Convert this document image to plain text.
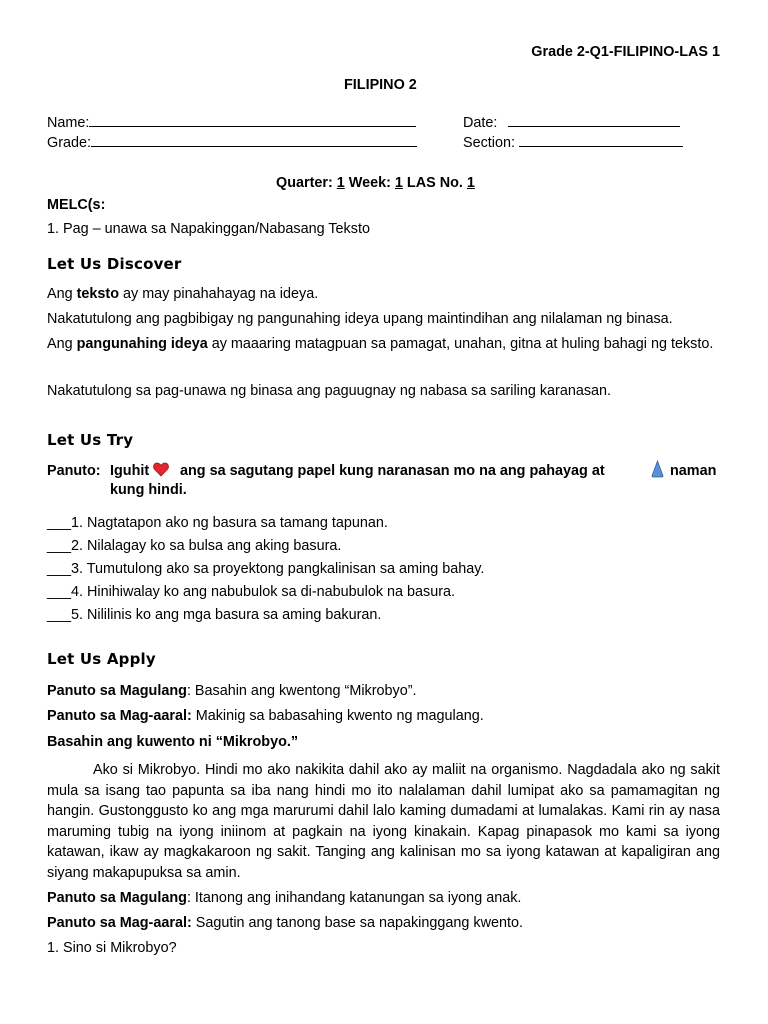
Grade 2-Q1-FILIPINO-LAS 1
FILIPINO 2
Name:	Date:
Grade:	Section:
Quarter: 1 Week: 1 LAS No. 1
MELC(s:
1. Pag – unawa sa Napakinggan/Nabasang Teksto
Let Us Discover
Ang teksto ay may pinahahayag na ideya.
Nakatutulong ang pagbibigay ng pangunahing ideya upang maintindihan ang nilalaman ng binasa.
Ang pangunahing ideya ay maaaring matagpuan sa pamagat, unahan, gitna at huling bahagi ng teksto.
Nakatutulong sa pag-unawa ng binasa ang paguugnay ng nabasa sa sariling karanasan.
Let Us Try
Panuto: Iguhit ang sa sagutang papel kung naranasan mo na ang pahayag at	naman
kung hindi.
___1. Nagtatapon ako ng basura sa tamang tapunan.
___2. Nilalagay ko sa bulsa ang aking basura.
___3. Tumutulong ako sa proyektong pangkalinisan sa aming bahay.
___4. Hinihiwalay ko ang nabubulok sa di-nabubulok na basura.
___5. Nililinis ko ang mga basura sa aming bakuran.
Let Us Apply
Panuto sa Magulang: Basahin ang kwentong “Mikrobyo”.
Panuto sa Mag-aaral: Makinig sa babasahing kwento ng magulang.
Basahin ang kuwento ni “Mikrobyo.”
Ako si Mikrobyo. Hindi mo ako nakikita dahil ako ay maliit na organismo. Nagdadala ako ng sakit mula sa isang tao papunta sa iba nang hindi mo ito nalalaman dahil lumipat ako sa pamamagitan ng hangin. Gustonggusto ko ang mga marurumi dahil lalo kaming dumadami at lumalakas. Kami rin ay nasa maruming tubig na iyong iniinom at pagkain na iyong kinakain. Kapag pinapasok mo kami sa iyong katawan, ikaw ay magkakaroon ng sakit. Tanging ang kalinisan mo sa iyong katawan at kapaligiran ang siyang makapupuksa sa amin.
Panuto sa Magulang: Itanong ang inihandang katanungan sa iyong anak.
Panuto sa Mag-aaral: Sagutin ang tanong base sa napakinggang kwento.
1. Sino si Mikrobyo?
